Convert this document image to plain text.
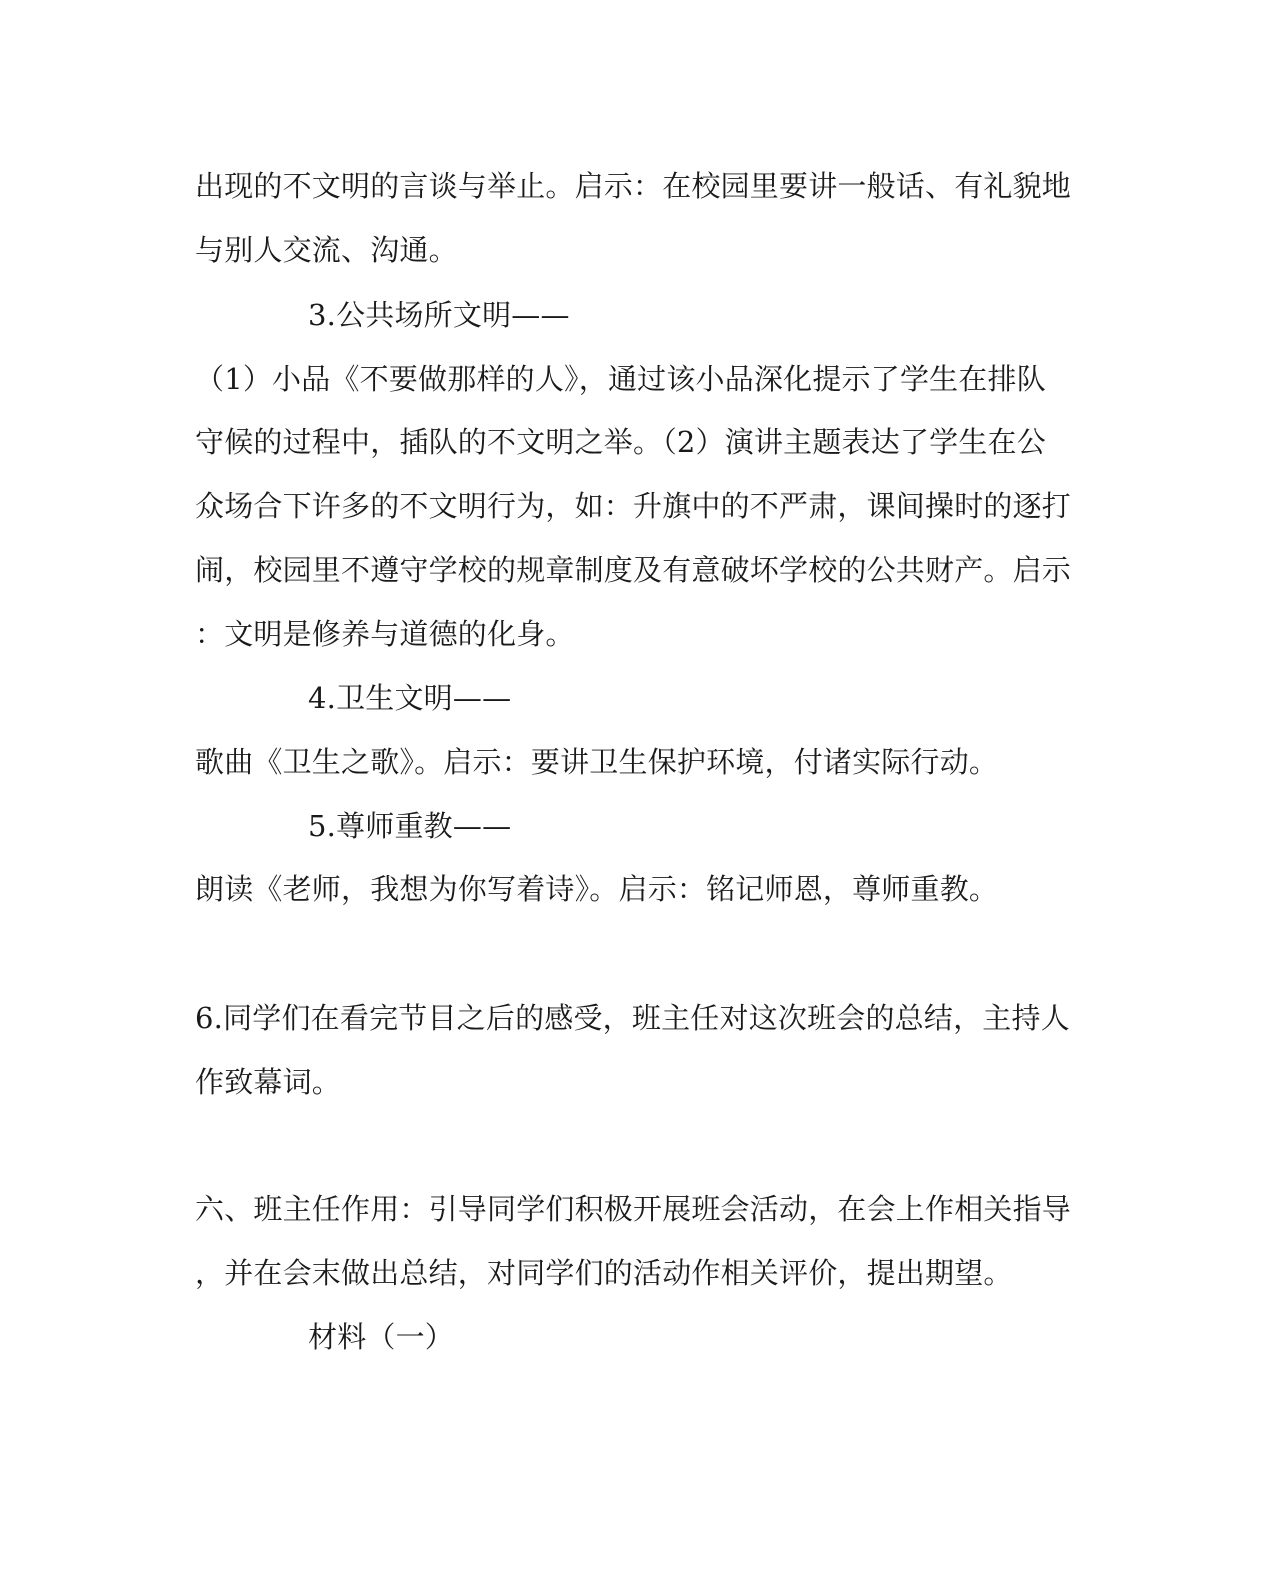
出现的不文明的言谈与举止。启示：在校园里要讲一般话、有礼貌地
与别人交流、沟通。
3.公共场所文明——
（1）小品《不要做那样的人》，通过该小品深化提示了学生在排队
守候的过程中，插队的不文明之举。（2）演讲主题表达了学生在公
众场合下许多的不文明行为，如：升旗中的不严肃，课间操时的逐打
闹，校园里不遵守学校的规章制度及有意破坏学校的公共财产。启示
：文明是修养与道德的化身。
4.卫生文明——
歌曲《卫生之歌》。启示：要讲卫生保护环境，付诸实际行动。
5.尊师重教——
朗读《老师，我想为你写着诗》。启示：铭记师恩，尊师重教。
6.同学们在看完节目之后的感受，班主任对这次班会的总结，主持人
作致幕词。
六、班主任作用：引导同学们积极开展班会活动，在会上作相关指导
，并在会末做出总结，对同学们的活动作相关评价，提出期望。
材料（一）
